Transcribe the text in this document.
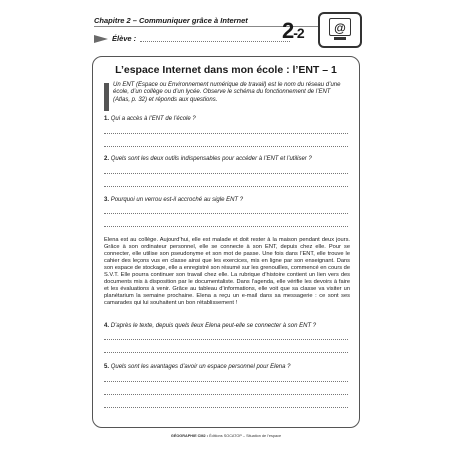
Chapitre 2 – Communiquer grâce à Internet
Élève :	2-2	@
L’espace Internet dans mon école : l’ENT – 1

Un ENT (Espace ou Environnement numérique de travail) est le nom du réseau d’une école, d’un collège ou d’un lycée. Observe le schéma du fonctionnement de l’ENT (Atlas, p. 32) et réponds aux questions.

1. Qui a accès à l’ENT de l’école ?
2. Quels sont les deux outils indispensables pour accéder à l’ENT et l’utiliser ?
3. Pourquoi un verrou est-il accroché au sigle ENT ?
Elena est au collège. Aujourd’hui, elle est malade et doit rester à la maison pendant deux jours. Grâce à son ordinateur personnel, elle se connecte à son ENT, depuis chez elle. Pour se connecter, elle utilise son pseudonyme et son mot de passe. Une fois dans l’ENT, elle trouve le cahier des leçons vus en classe ainsi que les exercices, mis en ligne par son enseignant. Dans son espace de stockage, elle a enregistré son résumé sur les grenouilles, commencé en cours de S.V.T. Elle pourra continuer son travail chez elle. La rubrique d’histoire contient un lien vers des documents mis à disposition par le documentaliste. Dans l’agenda, elle vérifie les devoirs à faire et les évaluations à venir. Grâce au tableau d’informations, elle voit que sa classe va visiter un planétarium la semaine prochaine. Elena a reçu un e-mail dans sa messagerie : ce sont ses camarades qui lui souhaitent un bon rétablissement !
4. D’après le texte, depuis quels lieux Elena peut-elle se connecter à son ENT ?
5. Quels sont les avantages d’avoir un espace personnel pour Elena ?
GÉOGRAPHIE CM2 • Éditions SOCATOP – Situation de l’espace
